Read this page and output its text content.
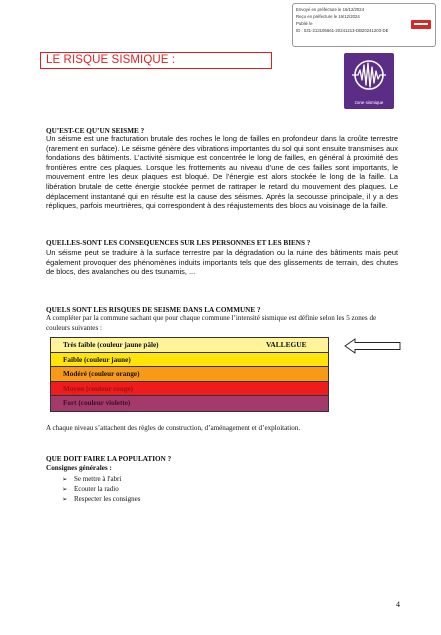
Envoyé en préfecture le 16/12/2024
Reçu en préfecture le 16/12/2024
Publié le
ID : 031-213105661-20241213-DB20241203-DE
LE RISQUE SISMIQUE :
zone sismique
QU’EST-CE QU’UN SEISME ?
Un séisme est une fracturation brutale des roches le long de failles en profondeur dans la croûte terrestre (rarement en surface). Le séisme génère des vibrations importantes du sol qui sont ensuite transmises aux fondations des bâtiments. L’activité sismique est concentrée le long de failles, en général à proximité des frontières entre ces plaques. Lorsque les frottements au niveau d’une de ces failles sont importants, le mouvement entre les deux plaques est bloqué. De l’énergie est alors stockée le long de la faille. La libération brutale de cette énergie stockée permet de rattraper le retard du mouvement des plaques. Le déplacement instantané qui en résulte est la cause des séismes. Après la secousse principale, il y a des répliques, parfois meurtrières, qui correspondent à des réajustements des blocs au voisinage de la faille.
QUELLES-SONT LES CONSEQUENCES SUR LES PERSONNES ET LES BIENS ?
Un séisme peut se traduire à la surface terrestre par la dégradation ou la ruine des bâtiments mais peut également provoquer des phénomènes induits importants tels que des glissements de terrain, des chutes de blocs, des avalanches ou des tsunamis, ...
QUELS SONT LES RISQUES DE SEISME DANS LA COMMUNE ?
A compléter par la commune sachant que pour chaque commune l’intensité sismique est définie selon les 5 zones de couleurs suivantes :
Très faible (couleur jaune pâle)	VALLEGUE
Faible (couleur jaune)
Modéré (couleur orange)
Moyen (couleur rouge)
Fort (couleur violette)
A chaque niveau s’attachent des règles de construction, d’aménagement et d’exploitation.
QUE DOIT FAIRE LA POPULATION ?
Consignes générales :
➢ Se mettre à l'abri
➢ Ecouter la radio
➢ Respecter les consignes
4
